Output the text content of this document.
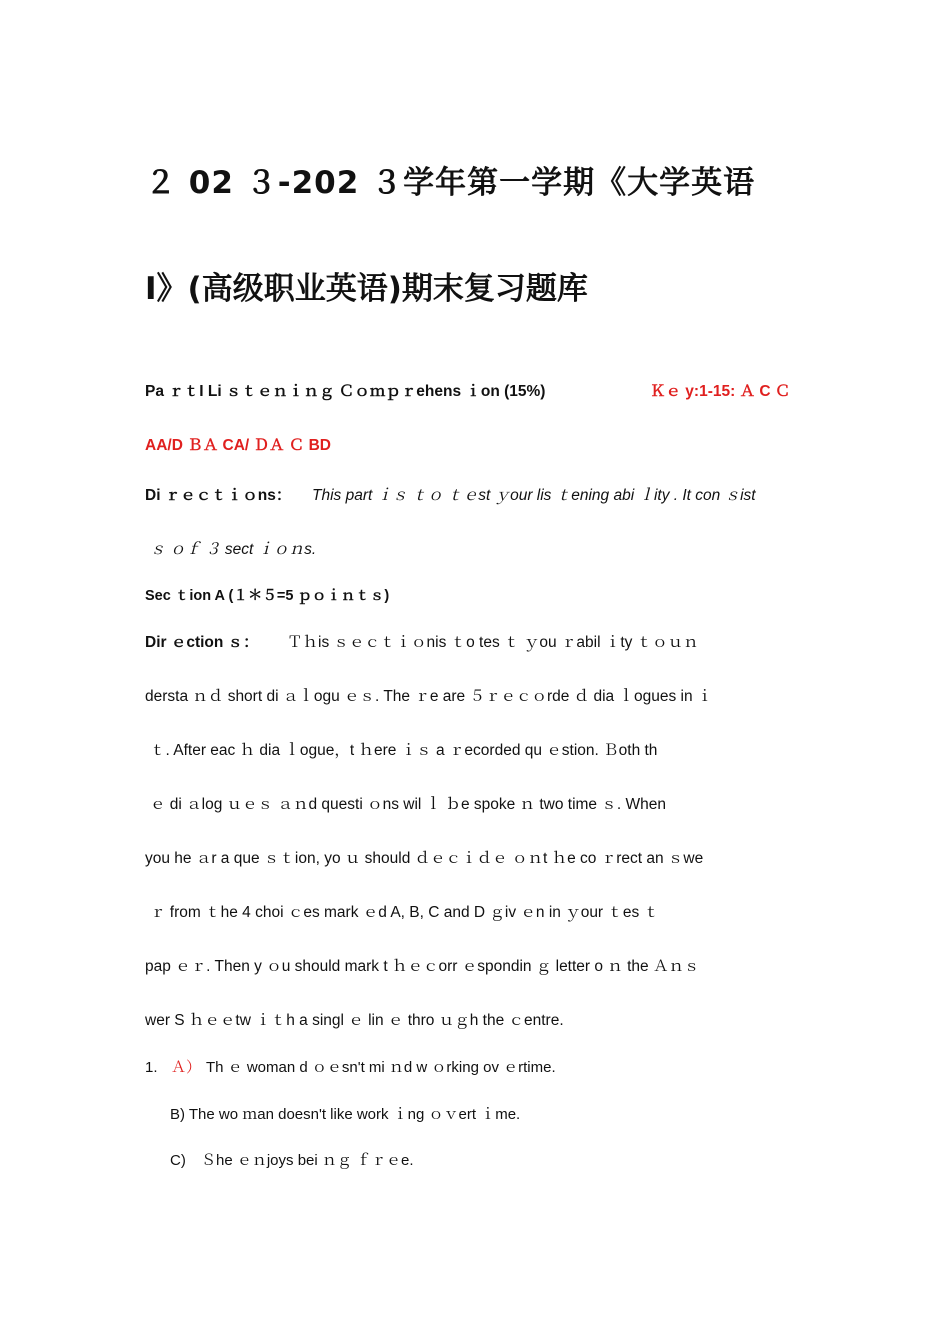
２ 02 ３-202 ３学年第一学期《大学英语
I》(高级职业英语)期末复习题库
Pa ｒｔI Li ｓｔｅｎｉｎｇ Ｃｏｍｐｒehens ｉon (15%)	Ｋｅ y:1-15: Ａ C Ｃ
AA/D ＢＡ CA/ ＤＡ Ｃ BD
Di ｒｅｃｔｉｏns： This part ｉｓ ｔｏ ｔｅst ｙour lis ｔening abi ｌity . It con ｓist
ｓ ｏｆ ３ sect ｉｏｎs.
Sec ｔion A (１＊５=5 ｐｏｉｎｔｓ)
Dir ｅction ｓ： Ｔｈis ｓｅｃｔｉｏnis ｔo tes ｔ ｙou ｒabil ｉty ｔｏｕｎ
dersta ｎｄ short di ａｌogu ｅｓ. The ｒe are ５ｒｅｃｏrde ｄ dia ｌogues in ｉ
ｔ. After eac ｈ dia ｌogue，t ｈere ｉｓ a ｒecorded qu ｅstion. Ｂoth th
ｅ di ａlog ｕｅｓ ａｎd questi ｏns wil ｌ ｂe spoke ｎ two time ｓ. When
you he ａr a que ｓｔion, yo ｕ should ｄｅｃｉｄｅ ｏｎt ｈe co ｒrect an ｓwe
ｒ from ｔhe 4 choi ｃes mark ｅd A, B, C and D ｇiv ｅn in ｙour ｔes ｔ
pap ｅｒ. Then y ｏu should mark t ｈｅｃorr ｅspondin ｇ letter o ｎ the Ａｎｓ
wer S ｈｅｅtw ｉｔh a singl ｅ lin ｅ thro ｕｇh the ｃentre.
1. Ａ） Th ｅ woman d ｏｅsn't mi ｎd w ｏrking ov ｅrtime.
B) The wo ｍan doesn't like work ｉng ｏｖert ｉme.
C) Ｓhe ｅｎjoys bei ｎｇ ｆｒｅe.
